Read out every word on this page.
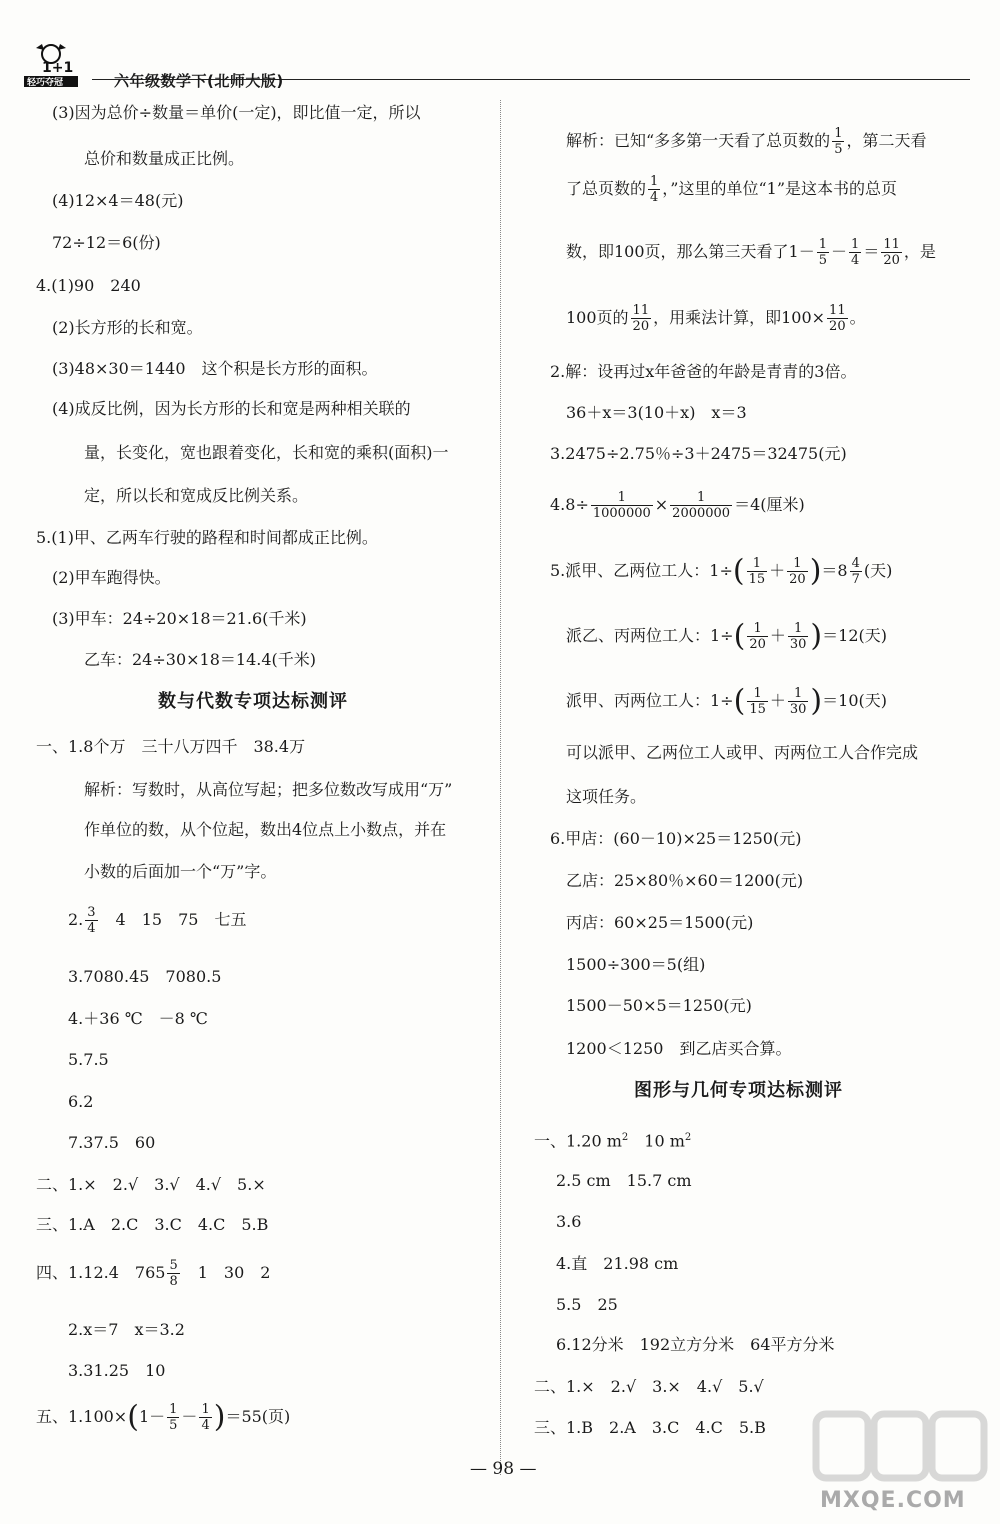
1+1
轻巧夺冠	六年级数学下(北师大版)
(3)因为总价÷数量＝单价(一定)，即比值一定，所以
总价和数量成正比例。
(4)12×4＝48(元)
72÷12＝6(份)
4.(1)90　240
(2)长方形的长和宽。
(3)48×30＝1440　这个积是长方形的面积。
(4)成反比例，因为长方形的长和宽是两种相关联的
量，长变化，宽也跟着变化，长和宽的乘积(面积)一
定，所以长和宽成反比例关系。
5.(1)甲、乙两车行驶的路程和时间都成正比例。
(2)甲车跑得快。
(3)甲车：24÷20×18＝21.6(千米)
乙车：24÷30×18＝14.4(千米)
数与代数专项达标测评
一、1.8个万　三十八万四千　38.4万
解析：写数时，从高位写起；把多位数改写成用“万”
作单位的数，从个位起，数出4位点上小数点，并在
小数的后面加一个“万”字。
2. $\frac{3}{4}$ 　4　15　75　七五
3.7080.45　7080.5
4.＋36 ℃　－8 ℃
5.7.5
6.2
7.37.5　60
二、1.×　2.√　3.√　4.√　5.×
三、1.A　2.C　3.C　4.C　5.B
四、1.12.4　$765 \frac{5}{8}$ 　1　30　2
2.x＝7　x＝3.2
3.31.25　10
五、$1.100\times(1- \frac{1}{5} - \frac{1}{4} )=55$(页)
解析：已知“多多第一天看了总页数的 $\frac{1}{5}$ ，第二天看
了总页数的 $\frac{1}{4}$ ，”这里的单位“1”是这本书的总页
数，即100页，那么第三天看了$1- \frac{1}{5} - \frac{1}{4} = \frac{11}{20}$ ，是
100页的 $\frac{11}{20}$ ，用乘法计算，即$100\times \frac{11}{20}$ 。
2.解：设再过x年爸爸的年龄是青青的3倍。
36＋x＝3(10＋x)　x＝3
3.2475÷2.75％÷3＋2475＝32475(元)
$4.8\div \frac{1}{1000000} \times \frac{1}{2000000} =4$(厘米)
5.派甲、乙两位工人：$1\div( \frac{1}{15} + \frac{1}{20} )=8 \frac{4}{7}$ (天)
派乙、丙两位工人：$1\div( \frac{1}{20} + \frac{1}{30} )=12$(天)
派甲、丙两位工人：$1\div( \frac{1}{15} + \frac{1}{30} )=10$(天)
可以派甲、乙两位工人或甲、丙两位工人合作完成
这项任务。
6.甲店：(60－10)×25＝1250(元)
乙店：25×80％×60＝1200(元)
丙店：60×25＝1500(元)
1500÷300＝5(组)
1500－50×5＝1250(元)
1200＜1250　到乙店买合算。
图形与几何专项达标测评
一、1.20 $m^2$　10 $m^2$
2.5 cm　15.7 cm
3.6
4.直　21.98 cm
5.5　25
6.12分米　192立方分米　64平方分米
二、1.×　2.√　3.×　4.√　5.√
三、1.B　2.A　3.C　4.C　5.B
— 98 —
MXQE.COM
